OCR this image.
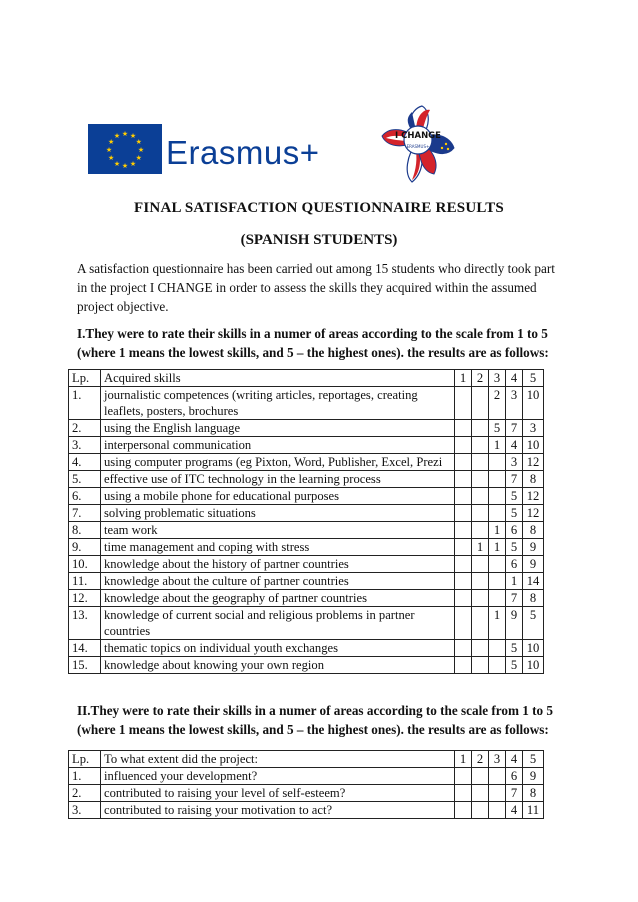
★ ★
★
★
★
★
★
★
★
★
★
★ Erasmus+	I CHANGE
ERASMUS+
FINAL SATISFACTION QUESTIONNAIRE RESULTS
(SPANISH STUDENTS)
A satisfaction questionnaire has been carried out among 15 students who directly took part in the project I CHANGE in order to assess the skills they acquired within the assumed project objective.
I.They were to rate their skills in a numer of areas according to the scale from 1 to 5 (where 1 means the lowest skills, and 5 – the highest ones). the results are as follows:
Lp.	Acquired skills	1	2	3	4	5
1.	journalistic competences (writing articles, reportages, creating leaflets, posters, brochures			2	3	10
2.	using the English language			5	7	3
3.	interpersonal communication			1	4	10
4.	using computer programs (eg Pixton, Word, Publisher, Excel, Prezi				3	12
5.	effective use of ITC technology in the learning process				7	8
6.	using a mobile phone for educational purposes				5	12
7.	solving problematic situations				5	12
8.	team work			1	6	8
9.	time management and coping with stress		1	1	5	9
10.	knowledge about the history of partner countries				6	9
11.	knowledge about the culture of partner countries				1	14
12.	knowledge about the geography of partner countries				7	8
13.	knowledge of current social and religious problems in partner countries			1	9	5
14.	thematic topics on individual youth exchanges				5	10
15.	knowledge about knowing your own region				5	10
II.They were to rate their skills in a numer of areas according to the scale from 1 to 5 (where 1 means the lowest skills, and 5 – the highest ones). the results are as follows:
Lp.	To what extent did the project:	1	2	3	4	5
1.	influenced your development?				6	9
2.	contributed to raising your level of self-esteem?				7	8
3.	contributed to raising your motivation to act?				4	11
